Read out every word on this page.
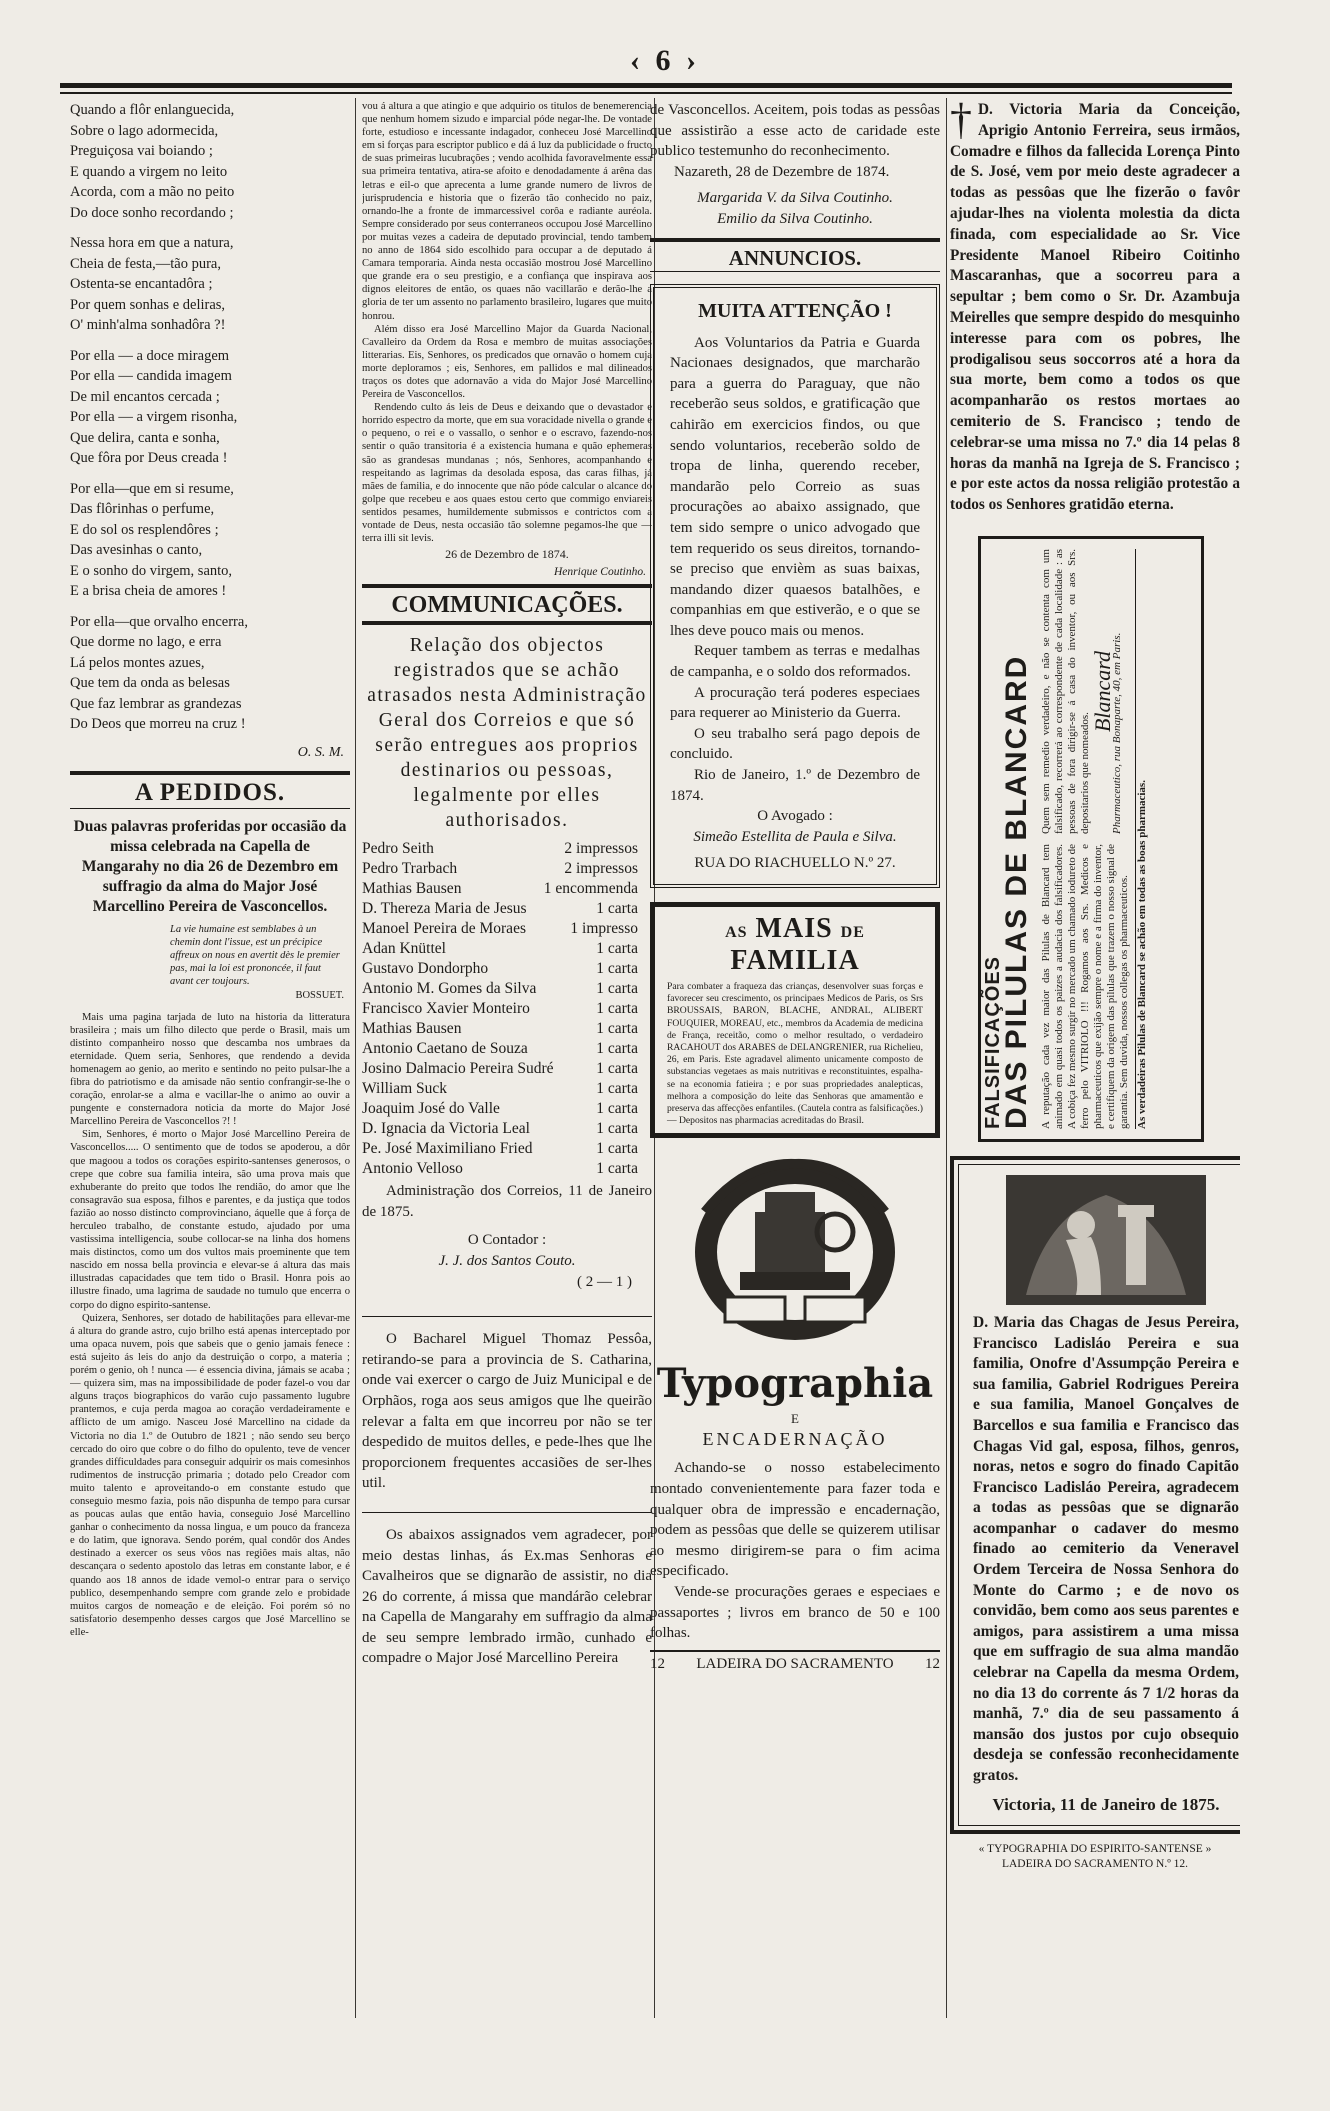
‹ 6 ›

Quando a flôr enlanguecida,

Sobre o lago adormecida,

Preguiçosa vai boiando ;

E quando a virgem no leito

Acorda, com a mão no peito

Do doce sonho recordando ;

Nessa hora em que a natura,

Cheia de festa,—tão pura,

Ostenta-se encantadôra ;

Por quem sonhas e deliras,

O' minh'alma sonhadôra ?!

Por ella — a doce miragem

Por ella — candida imagem

De mil encantos cercada ;

Por ella — a virgem risonha,

Que delira, canta e sonha,

Que fôra por Deus creada !

Por ella—que em si resume,

Das flôrinhas o perfume,

E do sol os resplendôres ;

Das avesinhas o canto,

E o sonho do virgem, santo,

E a brisa cheia de amores !

Por ella—que orvalho encerra,

Que dorme no lago, e erra

Lá pelos montes azues,

Que tem da onda as belesas

Que faz lembrar as grandezas

Do Deos que morreu na cruz !

O. S. M.
A PEDIDOS.
Duas palavras proferidas por occasião da missa celebrada na Capella de Mangarahy no dia 26 de Dezembro em suffragio da alma do Major José Marcellino Pereira de Vasconcellos.
La vie humaine est semblabes à un chemin dont l'issue, est un précipice affreux on nous en avertit dès le premier pas, mai la loi est prononcée, il faut avant cer toujours.
BOSSUET.

Mais uma pagina tarjada de luto na historia da litteratura brasileira ; mais um filho dilecto que perde o Brasil, mais um distinto companheiro nosso que descamba nos umbraes da eternidade. Quem seria, Senhores, que rendendo a devida homenagem ao genio, ao merito e sentindo no peito pulsar-lhe a fibra do patriotismo e da amisade não sentio confrangir-se-lhe o coração, enrolar-se a alma e vacillar-lhe o animo ao ouvir a pungente e consternadora noticia da morte do Major José Marcellino Pereira de Vasconcellos ?! !

Sim, Senhores, é morto o Major José Marcellino Pereira de Vasconcellos..... O sentimento que de todos se apoderou, a dôr que magoou a todos os corações espirito-santenses generosos, o crepe que cobre sua familia inteira, são uma prova mais que exhuberante do preito que todos lhe rendião, do amor que lhe consagravão sua esposa, filhos e parentes, e da justiça que todos fazião ao nosso distincto comprovinciano, áquelle que á força de herculeo trabalho, de constante estudo, ajudado por uma vastissima intelligencia, soube collocar-se na linha dos homens mais distinctos, como um dos vultos mais proeminente que tem nascido em nossa bella provincia e elevar-se á altura das mais illustradas capacidades que tem tido o Brasil. Honra pois ao illustre finado, uma lagrima de saudade no tumulo que encerra o corpo do digno espirito-santense.

Quizera, Senhores, ser dotado de habilitações para ellevar-me á altura do grande astro, cujo brilho está apenas interceptado por uma opaca nuvem, pois que sabeis que o genio jamais fenece : está sujeito ás leis do anjo da destruição o corpo, a materia ; porém o genio, oh ! nunca — é essencia divina, jámais se acaba ; — quizera sim, mas na impossibilidade de poder fazel-o vou dar alguns traços biographicos do varão cujo passamento lugubre prantemos, e cuja perda magoa ao coração verdadeiramente e afflicto de um amigo. Nasceu José Marcellino na cidade da Victoria no dia 1.º de Outubro de 1821 ; não sendo seu berço cercado do oiro que cobre o do filho do opulento, teve de vencer grandes difficuldades para conseguir adquirir os mais comesinhos rudimentos de instrucção primaria ; dotado pelo Creador com muito talento e aproveitando-o em constante estudo que conseguio mesmo fazia, pois não dispunha de tempo para cursar as poucas aulas que então havia, conseguio José Marcellino ganhar o conhecimento da nossa lingua, e um pouco da franceza e do latim, que ignorava. Sendo porém, qual condôr dos Andes destinado a exercer os seus vôos nas regiões mais altas, não descançara o sedento apostolo das letras em constante labor, e é quando aos 18 annos de idade vemol-o entrar para o serviço publico, desempenhando sempre com grande zelo e probidade muitos cargos de nomeação e de eleição. Foi porém só no satisfatorio desempenho desses cargos que José Marcellino se elle-

vou á altura a que atingio e que adquirio os titulos de benemerencia que nenhum homem sizudo e imparcial póde negar-lhe. De vontade forte, estudioso e incessante indagador, conheceu José Marcellino em si forças para escriptor publico e dá á luz da publicidade o fructo de suas primeiras lucubrações ; vendo acolhida favoravelmente essa sua primeira tentativa, atira-se afoito e denodadamente á arêna das letras e eil-o que aprecenta a lume grande numero de livros de jurisprudencia e historia que o fizerão tão conhecido no paiz, ornando-lhe a fronte de immarcessivel corôa e radiante auréola. Sempre considerado por seus conterraneos occupou José Marcellino por muitas vezes a cadeira de deputado provincial, tendo tambem no anno de 1864 sido escolhido para occupar a de deputado á Camara temporaria. Ainda nesta occasião mostrou José Marcellino que grande era o seu prestigio, e a confiança que inspirava aos dignos eleitores de então, os quaes não vacillarão e derão-lhe a gloria de ter um assento no parlamento brasileiro, lugares que muito honrou.

Além disso era José Marcellino Major da Guarda Nacional, Cavalleiro da Ordem da Rosa e membro de muitas associações litterarias. Eis, Senhores, os predicados que ornavão o homem cuja morte deploramos ; eis, Senhores, em pallidos e mal dilineados traços os dotes que adornavão a vida do Major José Marcellino Pereira de Vasconcellos.

Rendendo culto ás leis de Deus e deixando que o devastador e horrido espectro da morte, que em sua voracidade nivella o grande e o pequeno, o rei e o vassallo, o senhor e o escravo, fazendo-nos sentir o quão transitoria é a existencia humana e quão ephemeras são as grandesas mundanas ; nós, Senhores, acompanhando e respeitando as lagrimas da desolada esposa, das caras filhas, já mães de familia, e do innocente que não póde calcular o alcance do golpe que recebeu e aos quaes estou certo que commigo enviareis sentidos pesames, humildemente submissos e contrictos com a vontade de Deus, nesta occasião tão solemne pegamos-lhe que — terra illi sit levis.

26 de Dezembro de 1874.
Henrique Coutinho.
COMMUNICAÇÕES.
Relação dos objectos registrados que se achão atrasados nesta Administração Geral dos Correios e que só serão entregues aos proprios destinarios ou pessoas, legalmente por elles authorisados.
Pedro Seith	2 impressos
Pedro Trarbach	2 impressos
Mathias Bausen	1 encommenda
D. Thereza Maria de Jesus	1 carta
Manoel Pereira de Moraes	1 impresso
Adan Knüttel	1 carta
Gustavo Dondorpho	1 carta
Antonio M. Gomes da Silva	1 carta
Francisco Xavier Monteiro	1 carta
Mathias Bausen	1 carta
Antonio Caetano de Souza	1 carta
Josino Dalmacio Pereira Sudré	1 carta
William Suck	1 carta
Joaquim José do Valle	1 carta
D. Ignacia da Victoria Leal	1 carta
Pe. José Maximiliano Fried	1 carta
Antonio Velloso	1 carta

Administração dos Correios, 11 de Janeiro de 1875.

O Contador :

J. J. dos Santos Couto.

( 2 — 1 )

O Bacharel Miguel Thomaz Pessôa, retirando-se para a provincia de S. Catharina, onde vai exercer o cargo de Juiz Municipal e de Orphãos, roga aos seus amigos que lhe queirão relevar a falta em que incorreu por não se ter despedido de muitos delles, e pede-lhes que lhe proporcionem frequentes accasiões de ser-lhes util.

Os abaixos assignados vem agradecer, por meio destas linhas, ás Ex.mas Senhoras e Cavalheiros que se dignarão de assistir, no dia 26 do corrente, á missa que mandárão celebrar na Capella de Mangarahy em suffragio da alma de seu sempre lembrado irmão, cunhado e compadre o Major José Marcellino Pereira

de Vasconcellos. Aceitem, pois todas as pessôas que assistirão a esse acto de caridade este publico testemunho do reconhecimento.

Nazareth, 28 de Dezembre de 1874.

Margarida V. da Silva Coutinho.

Emilio da Silva Coutinho.

ANNUNCIOS.
MUITA ATTENÇÃO !

Aos Voluntarios da Patria e Guarda Nacionaes designados, que marcharão para a guerra do Paraguay, que não receberão seus soldos, e gratificação que cahirão em exercicios findos, ou que sendo voluntarios, receberão soldo de tropa de linha, querendo receber, mandarão pelo Correio as suas procurações ao abaixo assignado, que tem sido sempre o unico advogado que tem requerido os seus direitos, tornando-se preciso que envièm as suas baixas, mandando dizer quaesos batalhões, e companhias em que estiverão, e o que se lhes deve pouco mais ou menos.

Requer tambem as terras e medalhas de campanha, e o soldo dos reformados.

A procuração terá poderes especiaes para requerer ao Ministerio da Guerra.

O seu trabalho será pago depois de concluido.

Rio de Janeiro, 1.º de Dezembro de 1874.

O Avogado :

Simeão Estellita de Paula e Silva.

RUA DO RIACHUELLO N.º 27.

AS MAIS DE FAMILIA

Para combater a fraqueza das crianças, desenvolver suas forças e favorecer seu crescimento, os principaes Medicos de Paris, os Srs BROUSSAIS, BARON, BLACHE, ANDRAL, ALIBERT FOUQUIER, MOREAU, etc., membros da Academia de medicina de França, receitão, como o melhor resultado, o verdadeiro RACAHOUT dos ARABES de DELANGRENIER, rua Richelieu, 26, em Paris. Este agradavel alimento unicamente composto de substancias vegetaes as mais nutritivas e reconstituintes, espalha-se na economia fatieira ; e por suas propriedades analepticas, melhora a composição do leite das Senhoras que amamentão e preserva das affecções enfantiles. (Cautela contra as falsificações.) — Depositos nas pharmacias acreditadas do Brasil.

Typographia
E
ENCADERNAÇÃO

Achando-se o nosso estabelecimento montado convenientemente para fazer toda e qualquer obra de impressão e encadernação, podem as pessôas que delle se quizerem utilisar ao mesmo dirigirem-se para o fim acima especificado.

Vende-se procurações geraes e especiaes e passaportes ; livros em branco de 50 e 100 folhas.

12 LADEIRA DO SACRAMENTO 12
† D. Victoria Maria da Conceição, Aprigio Antonio Ferreira, seus irmãos, Comadre e filhos da fallecida Lorença Pinto de S. José, vem por meio deste agradecer a todas as pessôas que lhe fizerão o favôr ajudar-lhes na violenta molestia da dicta finada, com especialidade ao Sr. Vice Presidente Manoel Ribeiro Coitinho Mascaranhas, que a socorreu para a sepultar ; bem como o Sr. Dr. Azambuja Meirelles que sempre despido do mesquinho interesse para com os pobres, lhe prodigalisou seus soccorros até a hora da sua morte, bem como a todos os que acompanharão os restos mortaes ao cemiterio de S. Francisco ; tendo de celebrar-se uma missa no 7.º dia 14 pelas 8 horas da manhã na Igreja de S. Francisco ; e por este actos da nossa religião protestão a todos os Senhores gratidão eterna.

FALSIFICAÇÕES
DAS PILULAS DE BLANCARD A reputação cada vez maior das Pilulas de Blancard tem animado em quasi todos os paizes a audacia dos falsificadores. A cobiça fez mesmo surgir no mercado um chamado iodureto de ferro pelo VITRIOLO !!! Rogamos aos Srs. Medicos e pharmaceuticos que exijão sempre o nome e a firma do inventor, e certifiquem da origem das pilulas que trazem o nosso signal de garantia. Sem duvida, nossos collegas os pharmaceuticos.

Quem sem remedio verdadeiro, e não se contenta com um falsificado, recorrerá ao correspondente de cada localidade : as pessoas de fora dirigir-se á casa do inventor, ou aos Srs. depositarios que nomeados.

Blancard

Pharmaceutico, rua Bonaparte, 40, em Paris.

As verdadeiras Pilulas de Blancard se achão em todas as boas pharmacias.

D. Maria das Chagas de Jesus Pereira, Francisco Ladisláo Pereira e sua familia, Onofre d'Assumpção Pereira e sua familia, Gabriel Rodrigues Pereira e sua familia, Manoel Gonçalves de Barcellos e sua familia e Francisco das Chagas Vid gal, esposa, filhos, genros, noras, netos e sogro do finado Capitão Francisco Ladisláo Pereira, agradecem a todas as pessôas que se dignarão acompanhar o cadaver do mesmo finado ao cemiterio da Veneravel Ordem Terceira de Nossa Senhora do Monte do Carmo ; e de novo os convidão, bem como aos seus parentes e amigos, para assistirem a uma missa que em suffragio de sua alma mandão celebrar na Capella da mesma Ordem, no dia 13 do corrente ás 7 1/2 horas da manhã, 7.º dia de seu passamento á mansão dos justos por cujo obsequio desdeja se confessão reconhecidamente gratos.

Victoria, 11 de Janeiro de 1875.
« TYPOGRAPHIA DO ESPIRITO-SANTENSE »
LADEIRA DO SACRAMENTO N.º 12.
